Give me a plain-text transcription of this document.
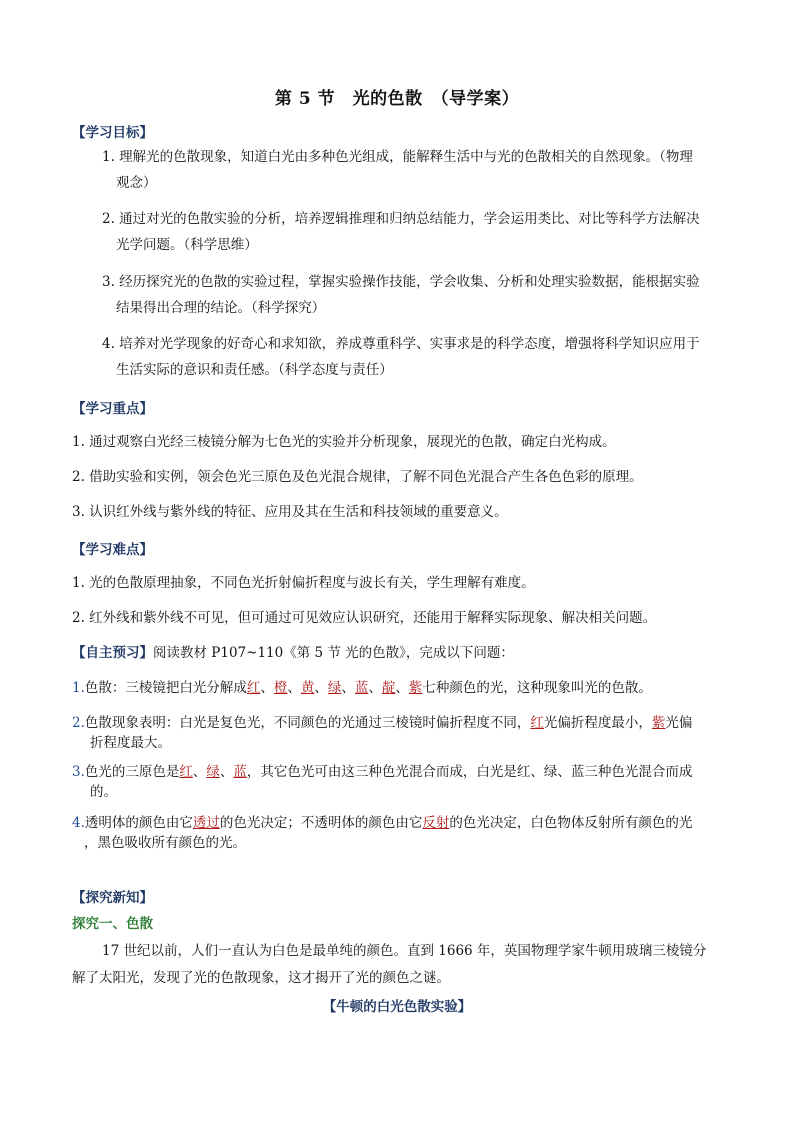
第 5 节　光的色散　（导学案）
【学习目标】
1. 理解光的色散现象，知道白光由多种色光组成，能解释生活中与光的色散相关的自然现象。（物理
观念）
2. 通过对光的色散实验的分析，培养逻辑推理和归纳总结能力，学会运用类比、对比等科学方法解决
光学问题。（科学思维）
3. 经历探究光的色散的实验过程，掌握实验操作技能，学会收集、分析和处理实验数据，能根据实验
结果得出合理的结论。（科学探究）
4. 培养对光学现象的好奇心和求知欲，养成尊重科学、实事求是的科学态度，增强将科学知识应用于
生活实际的意识和责任感。（科学态度与责任）
【学习重点】
1. 通过观察白光经三棱镜分解为七色光的实验并分析现象，展现光的色散，确定白光构成。
2. 借助实验和实例，领会色光三原色及色光混合规律，了解不同色光混合产生各色色彩的原理。
3. 认识红外线与紫外线的特征、应用及其在生活和科技领域的重要意义。
【学习难点】
1. 光的色散原理抽象，不同色光折射偏折程度与波长有关，学生理解有难度。
2. 红外线和紫外线不可见，但可通过可见效应认识研究，还能用于解释实际现象、解决相关问题。
【自主预习】阅读教材 P107~110《第 5 节 光的色散》，完成以下问题：
1.色散：三棱镜把白光分解成红、橙、黄、绿、蓝、靛、紫七种颜色的光，这种现象叫光的色散。
2.色散现象表明：白光是复色光，不同颜色的光通过三棱镜时偏折程度不同，红光偏折程度最小，紫光偏
折程度最大。
3.色光的三原色是红、绿、蓝，其它色光可由这三种色光混合而成，白光是红、绿、蓝三种色光混合而成
的。
4.透明体的颜色由它透过的色光决定；不透明体的颜色由它反射的色光决定，白色物体反射所有颜色的光
，黑色吸收所有颜色的光。
【探究新知】
探究一、色散
17 世纪以前，人们一直认为白色是最单纯的颜色。直到 1666 年，英国物理学家牛顿用玻璃三棱镜分
解了太阳光，发现了光的色散现象，这才揭开了光的颜色之谜。
【牛顿的白光色散实验】
